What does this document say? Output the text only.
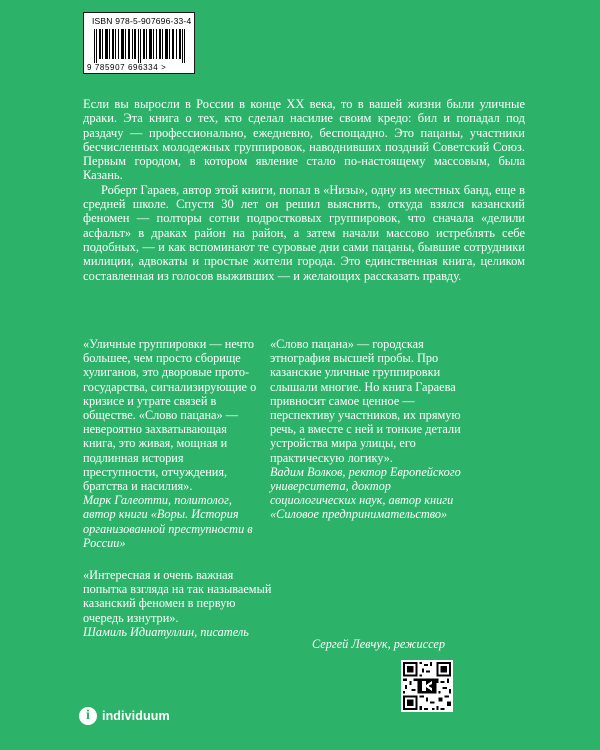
ISBN 978-5-907696-33-4
9 785907 696334 >

Если вы выросли в России в конце XX века, то в вашей жизни были уличные драки. Эта книга о тех, кто сделал насилие своим кредо: бил и попадал под раздачу — профессионально, ежедневно, беспощадно. Это пацаны, участники бесчисленных молодежных группировок, наводнивших поздний Советский Союз. Первым городом, в котором явление стало по-настоящему массовым, была Казань.

Роберт Гараев, автор этой книги, попал в «Низы», одну из местных банд, еще в средней школе. Спустя 30 лет он решил выяснить, откуда взялся казанский феномен — полторы сотни подростковых группировок, что сначала «делили асфальт» в драках район на район, а затем начали массово истреблять себе подобных, — и как вспоминают те суровые дни сами пацаны, бывшие сотрудники милиции, адвокаты и простые жители города. Это единственная книга, целиком составленная из голосов выживших — и желающих рассказать правду.

«Уличные группировки — нечто большее, чем просто сборище хулиганов, это дворовые прото-государства, сигнализирующие о кризисе и утрате связей в обществе. «Слово пацана» — невероятно захватывающая книга, это живая, мощная и подлинная история преступности, отчуждения, братства и насилия».

Марк Галеотти, политолог, автор книги «Воры. История организованной преступности в России»

«Слово пацана» — городская этнография высшей пробы. Про казанские уличные группировки слышали многие. Но книга Гараева привносит самое ценное — перспективу участников, их прямую речь, а вместе с ней и тонкие детали устройства мира улицы, его практическую логику».

Вадим Волков, ректор Европейского университета, доктор социологических наук, автор книги «Силовое предпринимательство»

«Интересная и очень важная попытка взгляда на так называемый казанский феномен в первую очередь изнутри».

Шамиль Идиатуллин, писатель

Сергей Левчук, режиссер

i individuum
